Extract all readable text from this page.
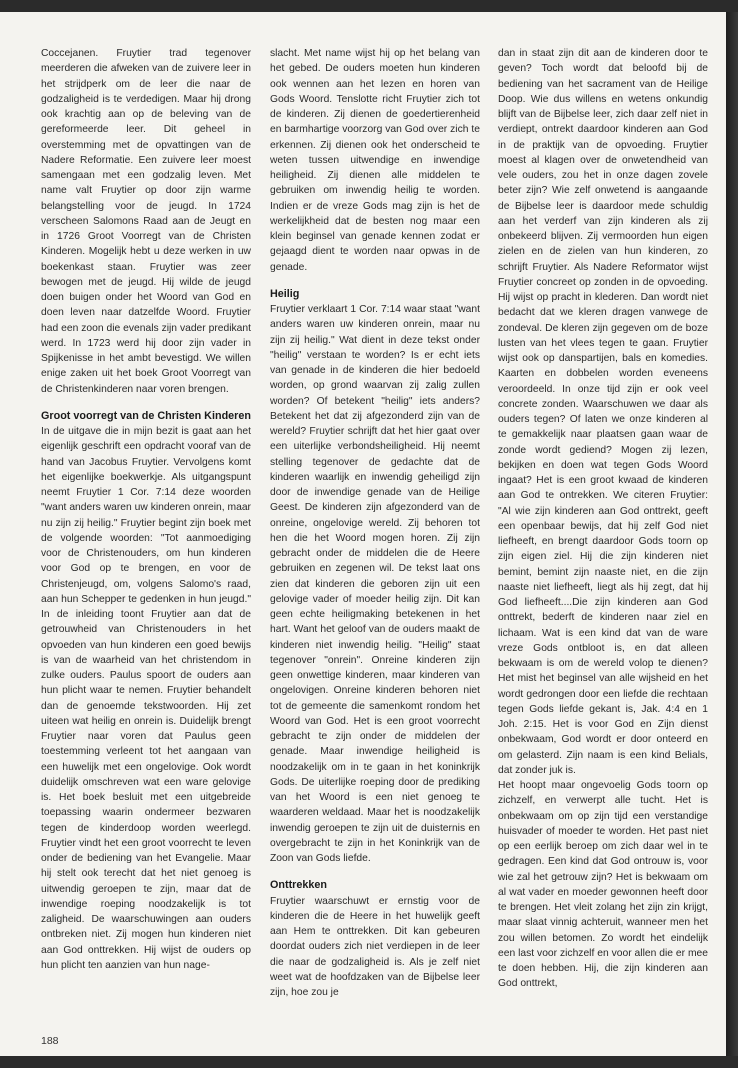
Coccejanen. Fruytier trad tegenover meerderen die afweken van de zuivere leer in het strijdperk om de leer die naar de godzaligheid is te verdedigen. Maar hij drong ook krachtig aan op de beleving van de gereformeerde leer. Dit geheel in overstemming met de opvattingen van de Nadere Reformatie. Een zuivere leer moest samengaan met een godzalig leven. Met name valt Fruytier op door zijn warme belangstelling voor de jeugd. In 1724 verscheen Salomons Raad aan de Jeugt en in 1726 Groot Voorregt van de Christen Kinderen. Mogelijk hebt u deze werken in uw boekenkast staan. Fruytier was zeer bewogen met de jeugd. Hij wilde de jeugd doen buigen onder het Woord van God en doen leven naar datzelfde Woord. Fruytier had een zoon die evenals zijn vader predikant werd. In 1723 werd hij door zijn vader in Spijkenisse in het ambt bevestigd. We willen enige zaken uit het boek Groot Voorregt van de Christenkinderen naar voren brengen.

Groot voorregt van de Christen Kinderen

In de uitgave die in mijn bezit is gaat aan het eigenlijk geschrift een opdracht vooraf van de hand van Jacobus Fruytier. Vervolgens komt het eigenlijke boekwerkje. Als uitgangspunt neemt Fruytier 1 Cor. 7:14 deze woorden "want anders waren uw kinderen onrein, maar nu zijn zij heilig." Fruytier begint zijn boek met de volgende woorden: "Tot aanmoediging voor de Christenouders, om hun kinderen voor God op te brengen, en voor de Christenjeugd, om, volgens Salomo's raad, aan hun Schepper te gedenken in hun jeugd." In de inleiding toont Fruytier aan dat de getrouwheid van Christenouders in het opvoeden van hun kinderen een goed bewijs is van de waarheid van het christendom in zulke ouders. Paulus spoort de ouders aan hun plicht waar te nemen. Fruytier behandelt dan de genoemde tekstwoorden. Hij zet uiteen wat heilig en onrein is. Duidelijk brengt Fruytier naar voren dat Paulus geen toestemming verleent tot het aangaan van een huwelijk met een ongelovige. Ook wordt duidelijk omschreven wat een ware gelovige is. Het boek besluit met een uitgebreide toepassing waarin ondermeer bezwaren tegen de kinderdoop worden weerlegd. Fruytier vindt het een groot voorrecht te leven onder de bediening van het Evangelie. Maar hij stelt ook terecht dat het niet genoeg is uitwendig geroepen te zijn, maar dat de inwendige roeping noodzakelijk is tot zaligheid. De waarschuwingen aan ouders ontbreken niet. Zij mogen hun kinderen niet aan God onttrekken. Hij wijst de ouders op hun plicht ten aanzien van hun nage-

slacht. Met name wijst hij op het belang van het gebed. De ouders moeten hun kinderen ook wennen aan het lezen en horen van Gods Woord. Tenslotte richt Fruytier zich tot de kinderen. Zij dienen de goedertierenheid en barmhartige voorzorg van God over zich te erkennen. Zij dienen ook het onderscheid te weten tussen uitwendige en inwendige heiligheid. Zij dienen alle middelen te gebruiken om inwendig heilig te worden. Indien er de vreze Gods mag zijn is het de werkelijkheid dat de besten nog maar een klein beginsel van genade kennen zodat er gejaagd dient te worden naar opwas in de genade.

Heilig

Fruytier verklaart 1 Cor. 7:14 waar staat "want anders waren uw kinderen onrein, maar nu zijn zij heilig." Wat dient in deze tekst onder "heilig" verstaan te worden? Is er echt iets van genade in de kinderen die hier bedoeld worden, op grond waarvan zij zalig zullen worden? Of betekent "heilig" iets anders? Betekent het dat zij afgezonderd zijn van de wereld? Fruytier schrijft dat het hier gaat over een uiterlijke verbondsheiligheid. Hij neemt stelling tegenover de gedachte dat de kinderen waarlijk en inwendig geheiligd zijn door de inwendige genade van de Heilige Geest. De kinderen zijn afgezonderd van de onreine, ongelovige wereld. Zij behoren tot hen die het Woord mogen horen. Zij zijn gebracht onder de middelen die de Heere gebruiken en zegenen wil. De tekst laat ons zien dat kinderen die geboren zijn uit een gelovige vader of moeder heilig zijn. Dit kan geen echte heiligmaking betekenen in het hart. Want het geloof van de ouders maakt de kinderen niet inwendig heilig. "Heilig" staat tegenover "onrein". Onreine kinderen zijn geen onwettige kinderen, maar kinderen van ongelovigen. Onreine kinderen behoren niet tot de gemeente die samenkomt rondom het Woord van God. Het is een groot voorrecht gebracht te zijn onder de middelen der genade. Maar inwendige heiligheid is noodzakelijk om in te gaan in het koninkrijk Gods. De uiterlijke roeping door de prediking van het Woord is een niet genoeg te waarderen weldaad. Maar het is noodzakelijk inwendig geroepen te zijn uit de duisternis en overgebracht te zijn in het Koninkrijk van de Zoon van Gods liefde.

Onttrekken

Fruytier waarschuwt er ernstig voor de kinderen die de Heere in het huwelijk geeft aan Hem te onttrekken. Dit kan gebeuren doordat ouders zich niet verdiepen in de leer die naar de godzaligheid is. Als je zelf niet weet wat de hoofdzaken van de Bijbelse leer zijn, hoe zou je

dan in staat zijn dit aan de kinderen door te geven? Toch wordt dat beloofd bij de bediening van het sacrament van de Heilige Doop. Wie dus willens en wetens onkundig blijft van de Bijbelse leer, zich daar zelf niet in verdiept, ontrekt daardoor kinderen aan God in de praktijk van de opvoeding. Fruytier moest al klagen over de onwetendheid van vele ouders, zou het in onze dagen zovele beter zijn? Wie zelf onwetend is aangaande de Bijbelse leer is daardoor mede schuldig aan het verderf van zijn kinderen als zij onbekeerd blijven. Zij vermoorden hun eigen zielen en de zielen van hun kinderen, zo schrijft Fruytier. Als Nadere Reformator wijst Fruytier concreet op zonden in de opvoeding. Hij wijst op pracht in klederen. Dan wordt niet bedacht dat we kleren dragen vanwege de zondeval. De kleren zijn gegeven om de boze lusten van het vlees tegen te gaan. Fruytier wijst ook op danspartijen, bals en komedies. Kaarten en dobbelen worden eveneens veroordeeld. In onze tijd zijn er ook veel concrete zonden. Waarschuwen we daar als ouders tegen? Of laten we onze kinderen al te gemakkelijk naar plaatsen gaan waar de zonde wordt gediend? Mogen zij lezen, bekijken en doen wat tegen Gods Woord ingaat? Het is een groot kwaad de kinderen aan God te ontrekken. We citeren Fruytier: "Al wie zijn kinderen aan God onttrekt, geeft een openbaar bewijs, dat hij zelf God niet liefheeft, en brengt daardoor Gods toorn op zijn eigen ziel. Hij die zijn kinderen niet bemint, bemint zijn naaste niet, en die zijn naaste niet liefheeft, liegt als hij zegt, dat hij God liefheeft....Die zijn kinderen aan God onttrekt, bederft de kinderen naar ziel en lichaam. Wat is een kind dat van de ware vreze Gods ontbloot is, en dat alleen bekwaam is om de wereld volop te dienen? Het mist het beginsel van alle wijsheid en het wordt gedrongen door een liefde die rechtaan tegen Gods liefde gekant is, Jak. 4:4 en 1 Joh. 2:15. Het is voor God en Zijn dienst onbekwaam, God wordt er door onteerd en om gelasterd. Zijn naam is een kind Belials, dat zonder juk is.

Het hoopt maar ongevoelig Gods toorn op zichzelf, en verwerpt alle tucht. Het is onbekwaam om op zijn tijd een verstandige huisvader of moeder te worden. Het past niet op een eerlijk beroep om zich daar wel in te gedragen. Een kind dat God ontrouw is, voor wie zal het getrouw zijn? Het is bekwaam om al wat vader en moeder gewonnen heeft door te brengen. Het vleit zolang het zijn zin krijgt, maar slaat vinnig achteruit, wanneer men het zou willen betomen. Zo wordt het eindelijk een last voor zichzelf en voor allen die er mee te doen hebben. Hij, die zijn kinderen aan God onttrekt,

188
